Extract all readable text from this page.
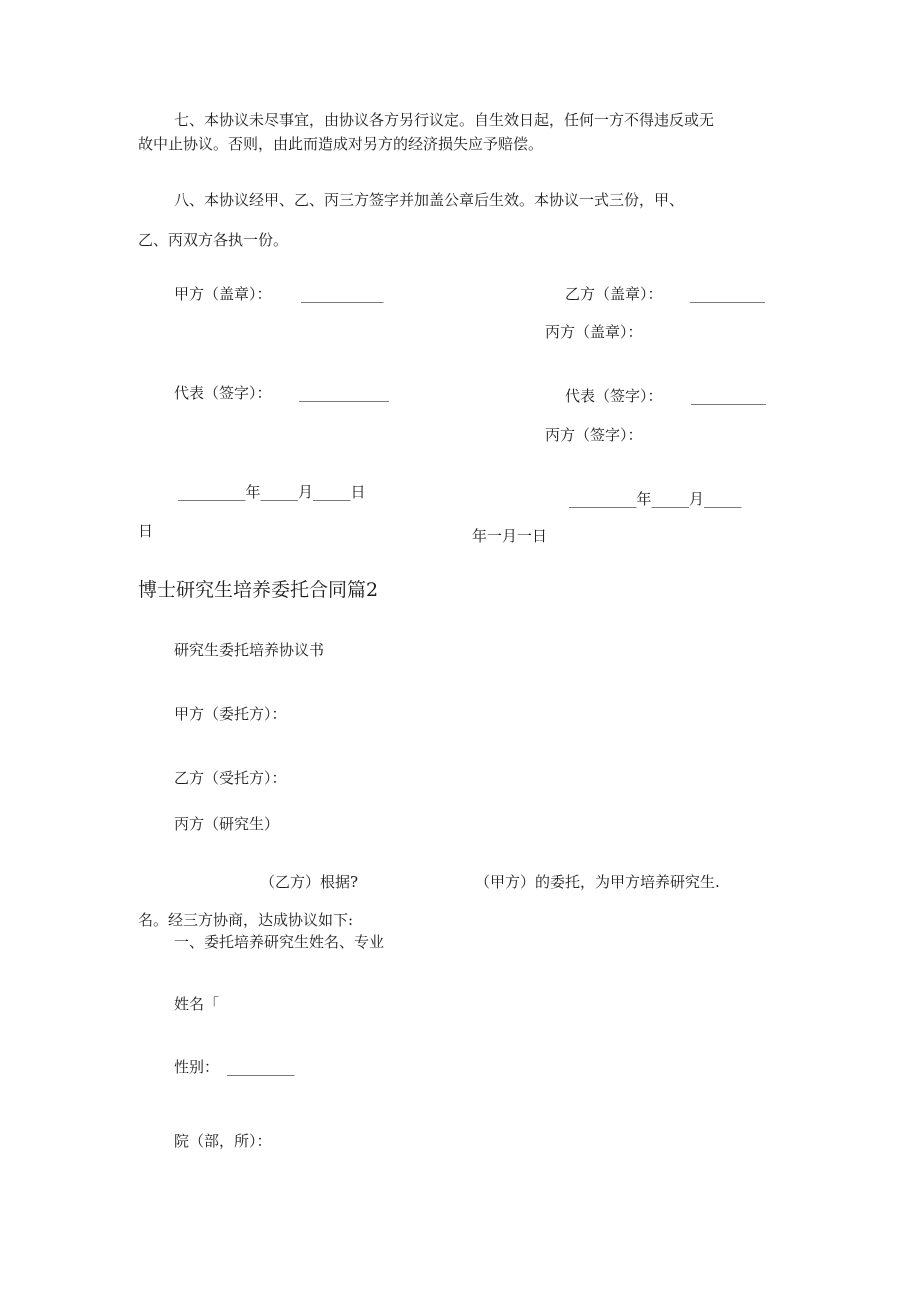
七、本协议未尽事宜，由协议各方另行议定。自生效日起，任何一方不得违反或无
故中止协议。否则，由此而造成对另方的经济损失应予赔偿。
八、本协议经甲、乙、丙三方签字并加盖公章后生效。本协议一式三份，甲、
乙、丙双方各执一份。
甲方（盖章）： ___________	乙方（盖章）： __________
丙方（盖章）：
代表（签字）： ____________	代表（签字）： __________
丙方（签字）：
_________年_____月_____日
日
_________年_____月_____
年一月一日
博士研究生培养委托合同篇2
研究生委托培养协议书
甲方（委托方）：
乙方（受托方）：
丙方（研究生）
（乙方）根据?	（甲方）的委托，为甲方培养研究生.
名。经三方协商，达成协议如下:
一、委托培养研究生姓名、专业
姓名「
性别： _________
院（部，所）：
